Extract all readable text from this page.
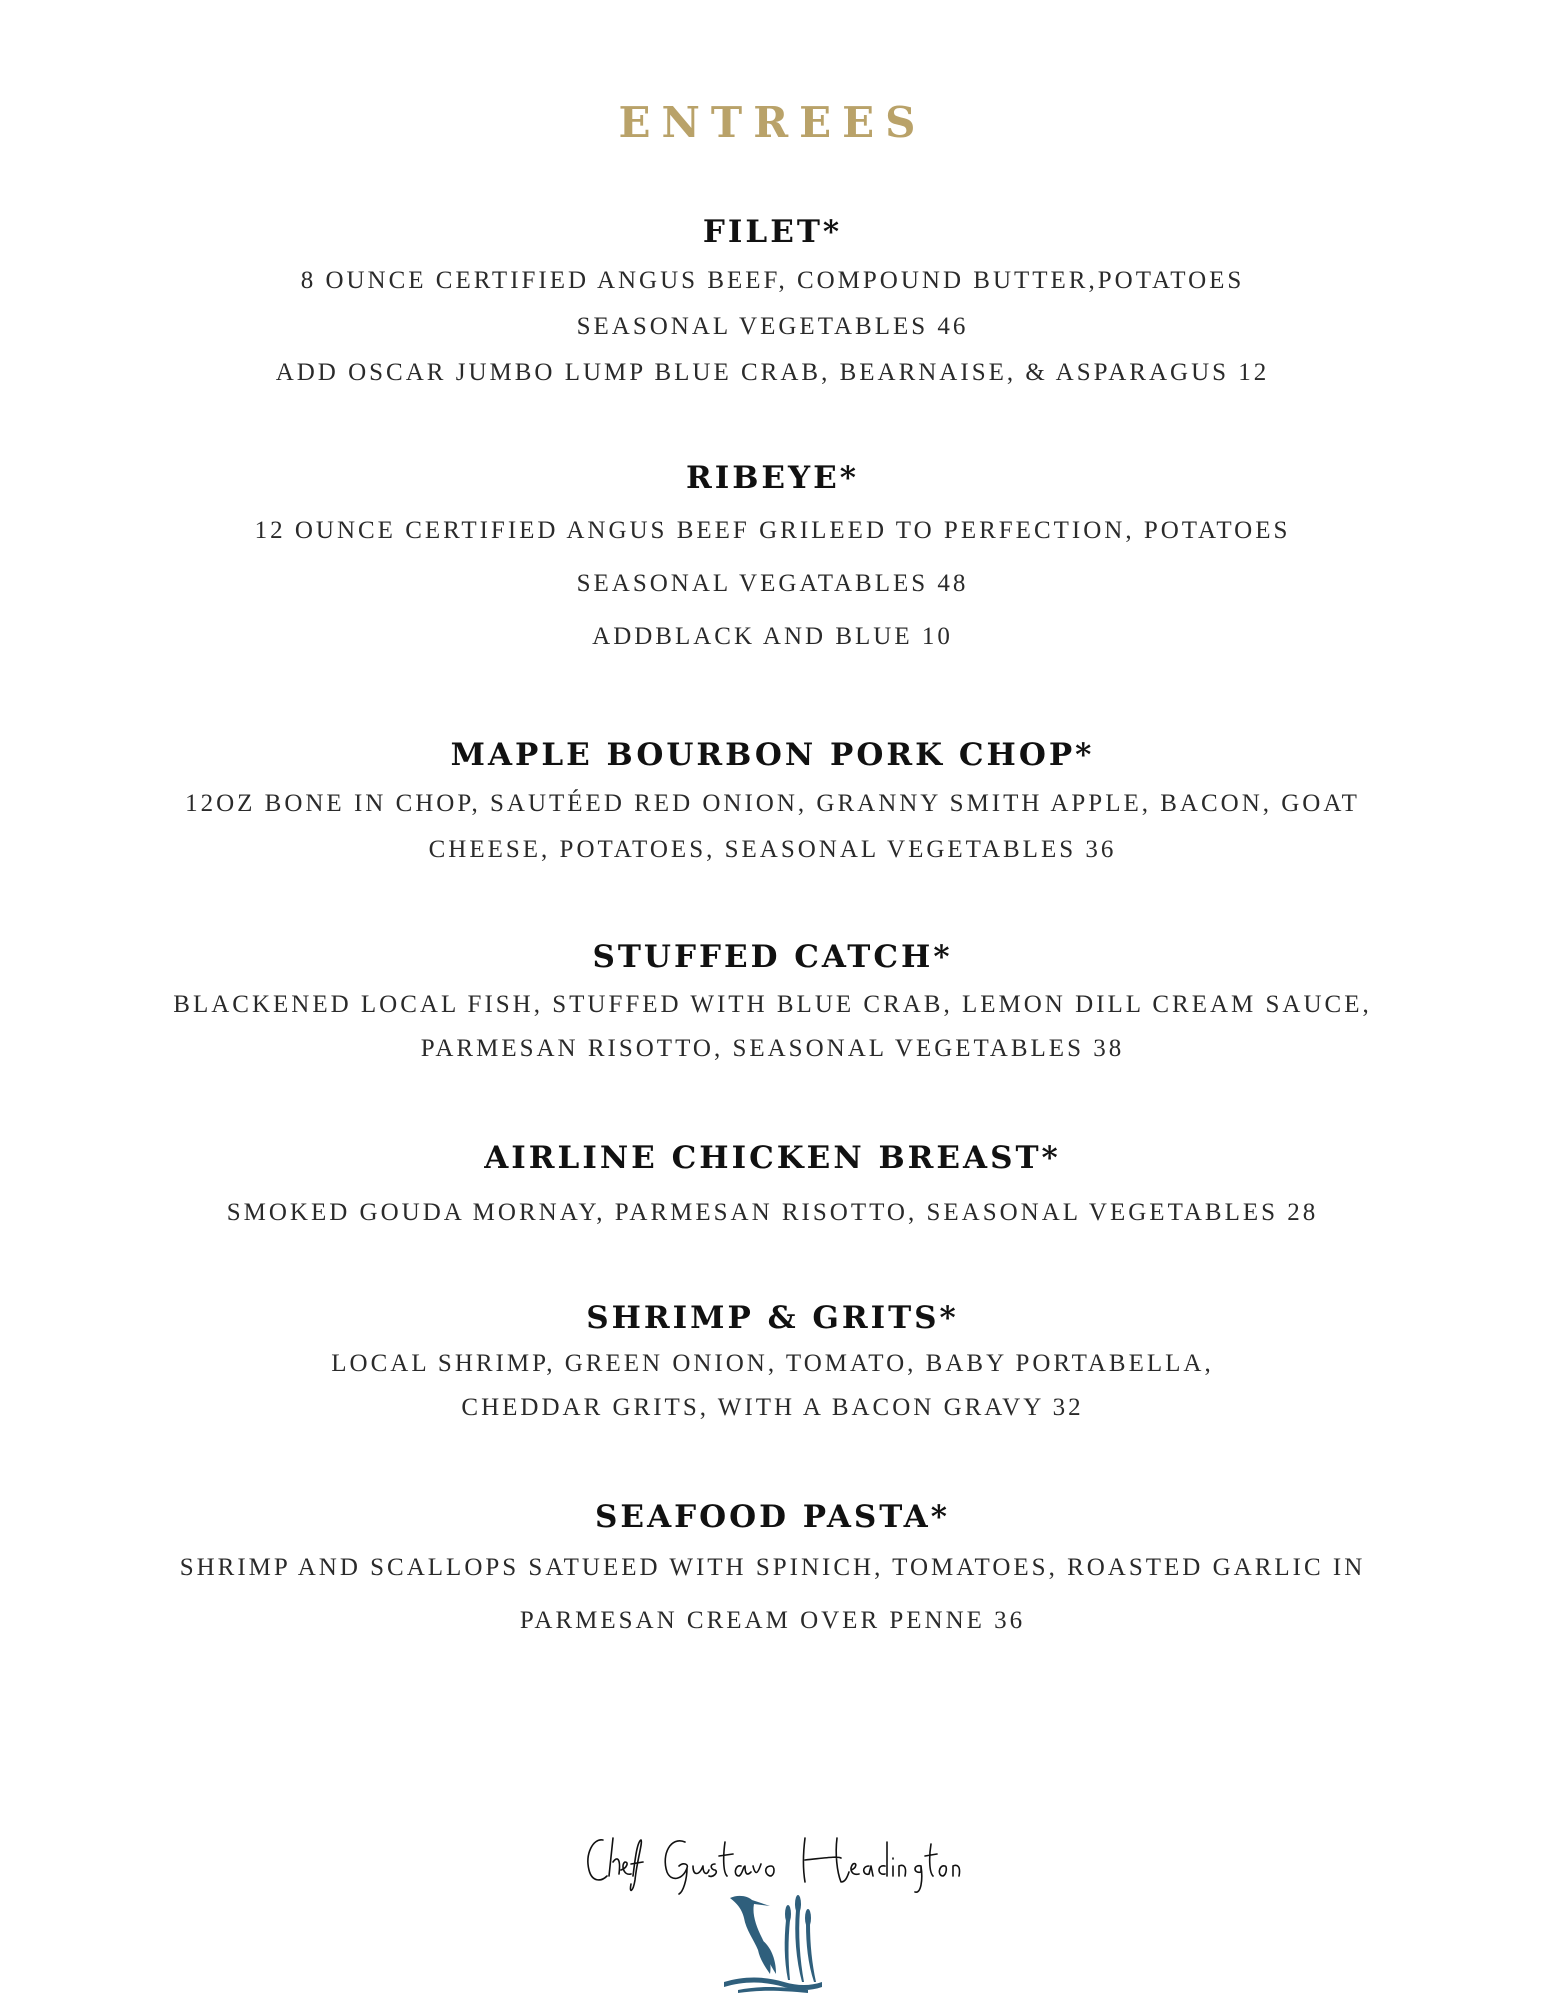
ENTREES

FILET*

8 OUNCE CERTIFIED ANGUS BEEF, COMPOUND BUTTER,POTATOES

SEASONAL VEGETABLES 46

ADD OSCAR JUMBO LUMP BLUE CRAB, BEARNAISE, & ASPARAGUS 12

RIBEYE*

12 OUNCE CERTIFIED ANGUS BEEF GRILEED TO PERFECTION, POTATOES

SEASONAL VEGATABLES 48

ADDBLACK AND BLUE 10

MAPLE BOURBON PORK CHOP*

12OZ BONE IN CHOP, SAUTÉED RED ONION, GRANNY SMITH APPLE, BACON, GOAT

CHEESE, POTATOES, SEASONAL VEGETABLES 36

STUFFED CATCH*

BLACKENED LOCAL FISH, STUFFED WITH BLUE CRAB, LEMON DILL CREAM SAUCE,

PARMESAN RISOTTO, SEASONAL VEGETABLES 38

AIRLINE CHICKEN BREAST*

SMOKED GOUDA MORNAY, PARMESAN RISOTTO, SEASONAL VEGETABLES 28

SHRIMP & GRITS*

LOCAL SHRIMP, GREEN ONION, TOMATO, BABY PORTABELLA,

CHEDDAR GRITS, WITH A BACON GRAVY 32

SEAFOOD PASTA*

SHRIMP AND SCALLOPS SATUEED WITH SPINICH, TOMATOES, ROASTED GARLIC IN

PARMESAN CREAM OVER PENNE 36
